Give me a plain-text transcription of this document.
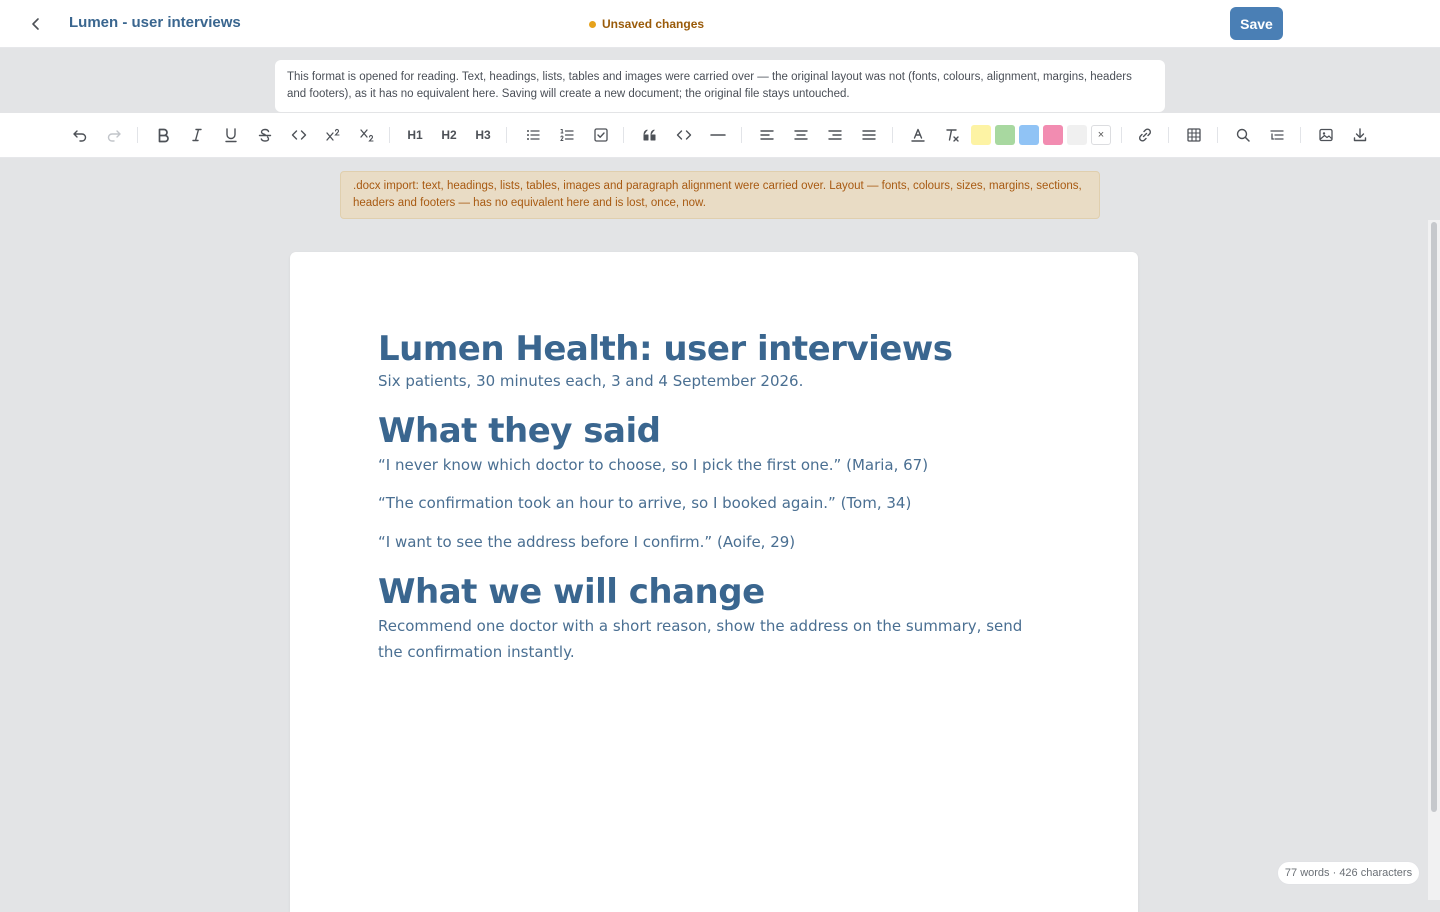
Lumen - user interviews	Unsaved changes	Save
This format is opened for reading. Text, headings, lists, tables and images were carried over — the original layout was not (fonts, colours, alignment, margins, headers and footers), as it has no equivalent here. Saving will create a new document; the original file stays untouched.
H1	H2	H3	×
.docx import: text, headings, lists, tables, images and paragraph alignment were carried over. Layout — fonts, colours, sizes, margins, sections, headers and footers — has no equivalent here and is lost, once, now.
Lumen Health: user interviews

Six patients, 30 minutes each, 3 and 4 September 2026.

What they said

“I never know which doctor to choose, so I pick the first one.” (Maria, 67)

“The confirmation took an hour to arrive, so I booked again.” (Tom, 34)

“I want to see the address before I confirm.” (Aoife, 29)

What we will change

Recommend one doctor with a short reason, show the address on the summary, send the confirmation instantly.

77 words · 426 characters
